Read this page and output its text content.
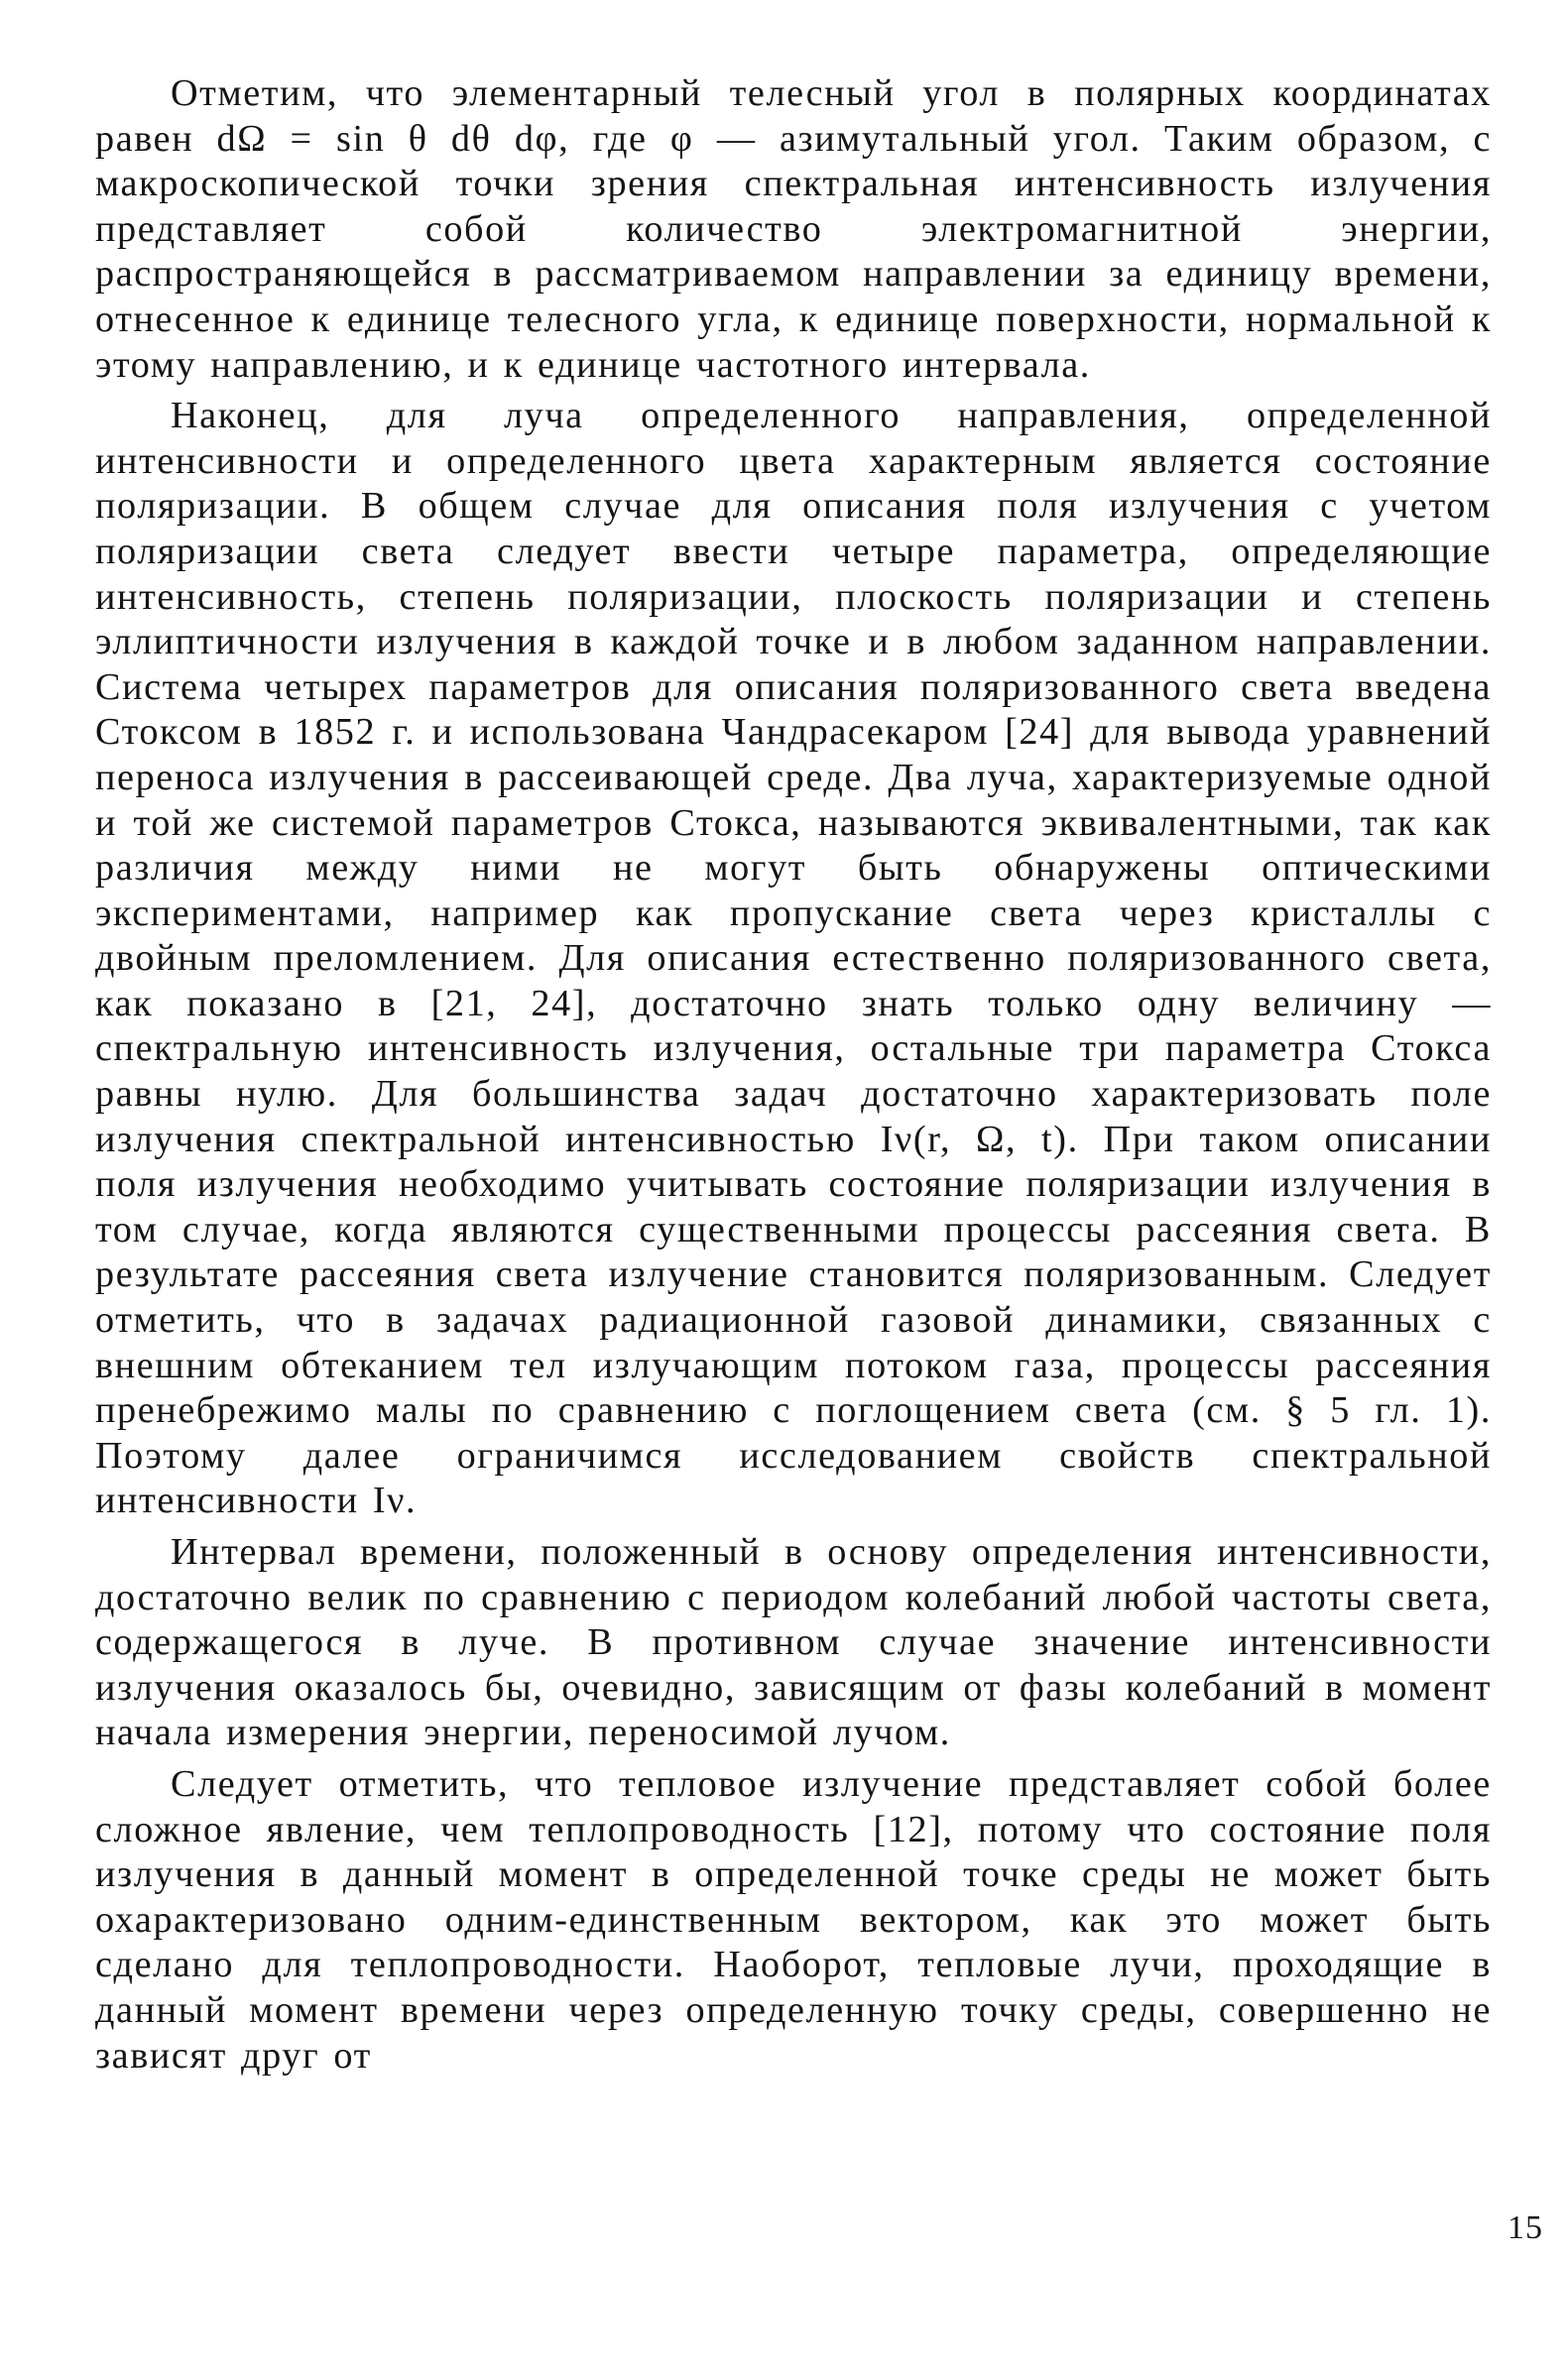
Отметим, что элементарный телесный угол в полярных координатах равен dΩ = sin θ dθ dφ, где φ — азимутальный угол. Таким образом, с макроскопической точки зрения спектральная интенсивность излучения представляет собой количество электромагнитной энергии, распространяющейся в рассматриваемом направлении за единицу времени, отнесенное к единице телесного угла, к единице поверхности, нормальной к этому направлению, и к единице частотного интервала.

Наконец, для луча определенного направления, определенной интенсивности и определенного цвета характерным является состояние поляризации. В общем случае для описания поля излучения с учетом поляризации света следует ввести четыре параметра, определяющие интенсивность, степень поляризации, плоскость поляризации и степень эллиптичности излучения в каждой точке и в любом заданном направлении. Система четырех параметров для описания поляризованного света введена Стоксом в 1852 г. и использована Чандрасекаром [24] для вывода уравнений переноса излучения в рассеивающей среде. Два луча, характеризуемые одной и той же системой параметров Стокса, называются эквивалентными, так как различия между ними не могут быть обнаружены оптическими экспериментами, например как пропускание света через кристаллы с двойным преломлением. Для описания естественно поляризованного света, как показано в [21, 24], достаточно знать только одну величину — спектральную интенсивность излучения, остальные три параметра Стокса равны нулю. Для большинства задач достаточно характеризовать поле излучения спектральной интенсивностью Iν(r, Ω, t). При таком описании поля излучения необходимо учитывать состояние поляризации излучения в том случае, когда являются существенными процессы рассеяния света. В результате рассеяния света излучение становится поляризованным. Следует отметить, что в задачах радиационной газовой динамики, связанных с внешним обтеканием тел излучающим потоком газа, процессы рассеяния пренебрежимо малы по сравнению с поглощением света (см. § 5 гл. 1). Поэтому далее ограничимся исследованием свойств спектральной интенсивности Iν.

Интервал времени, положенный в основу определения интенсивности, достаточно велик по сравнению с периодом колебаний любой частоты света, содержащегося в луче. В противном случае значение интенсивности излучения оказалось бы, очевидно, зависящим от фазы колебаний в момент начала измерения энергии, переносимой лучом.

Следует отметить, что тепловое излучение представляет собой более сложное явление, чем теплопроводность [12], потому что состояние поля излучения в данный момент в определенной точке среды не может быть охарактеризовано одним-единственным вектором, как это может быть сделано для теплопроводности. Наоборот, тепловые лучи, проходящие в данный момент времени через определенную точку среды, совершенно не зависят друг от

15
